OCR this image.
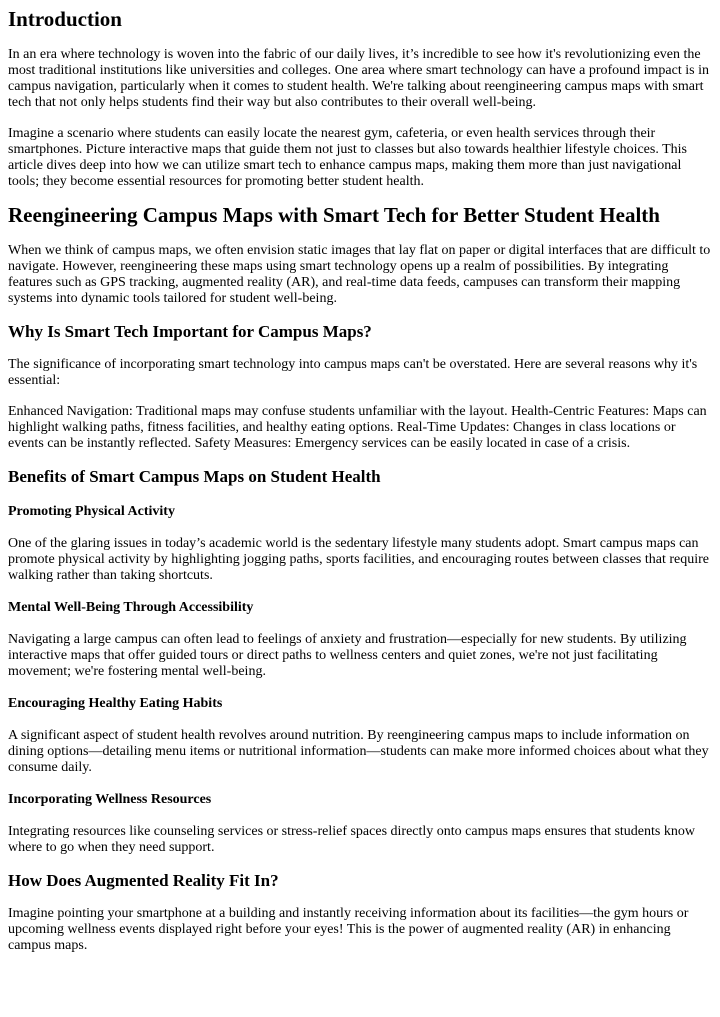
Introduction

In an era where technology is woven into the fabric of our daily lives, it’s incredible to see how it's revolutionizing even the most traditional institutions like universities and colleges. One area where smart technology can have a profound impact is in campus navigation, particularly when it comes to student health. We're talking about reengineering campus maps with smart tech that not only helps students find their way but also contributes to their overall well-being.

Imagine a scenario where students can easily locate the nearest gym, cafeteria, or even health services through their smartphones. Picture interactive maps that guide them not just to classes but also towards healthier lifestyle choices. This article dives deep into how we can utilize smart tech to enhance campus maps, making them more than just navigational tools; they become essential resources for promoting better student health.

Reengineering Campus Maps with Smart Tech for Better Student Health

When we think of campus maps, we often envision static images that lay flat on paper or digital interfaces that are difficult to navigate. However, reengineering these maps using smart technology opens up a realm of possibilities. By integrating features such as GPS tracking, augmented reality (AR), and real-time data feeds, campuses can transform their mapping systems into dynamic tools tailored for student well-being.

Why Is Smart Tech Important for Campus Maps?

The significance of incorporating smart technology into campus maps can't be overstated. Here are several reasons why it's essential:

Enhanced Navigation: Traditional maps may confuse students unfamiliar with the layout. Health-Centric Features: Maps can highlight walking paths, fitness facilities, and healthy eating options. Real-Time Updates: Changes in class locations or events can be instantly reflected. Safety Measures: Emergency services can be easily located in case of a crisis.

Benefits of Smart Campus Maps on Student Health
Promoting Physical Activity

One of the glaring issues in today’s academic world is the sedentary lifestyle many students adopt. Smart campus maps can promote physical activity by highlighting jogging paths, sports facilities, and encouraging routes between classes that require walking rather than taking shortcuts.

Mental Well-Being Through Accessibility

Navigating a large campus can often lead to feelings of anxiety and frustration—especially for new students. By utilizing interactive maps that offer guided tours or direct paths to wellness centers and quiet zones, we're not just facilitating movement; we're fostering mental well-being.

Encouraging Healthy Eating Habits

A significant aspect of student health revolves around nutrition. By reengineering campus maps to include information on dining options—detailing menu items or nutritional information—students can make more informed choices about what they consume daily.

Incorporating Wellness Resources

Integrating resources like counseling services or stress-relief spaces directly onto campus maps ensures that students know where to go when they need support.

How Does Augmented Reality Fit In?

Imagine pointing your smartphone at a building and instantly receiving information about its facilities—the gym hours or upcoming wellness events displayed right before your eyes! This is the power of augmented reality (AR) in enhancing campus maps.
